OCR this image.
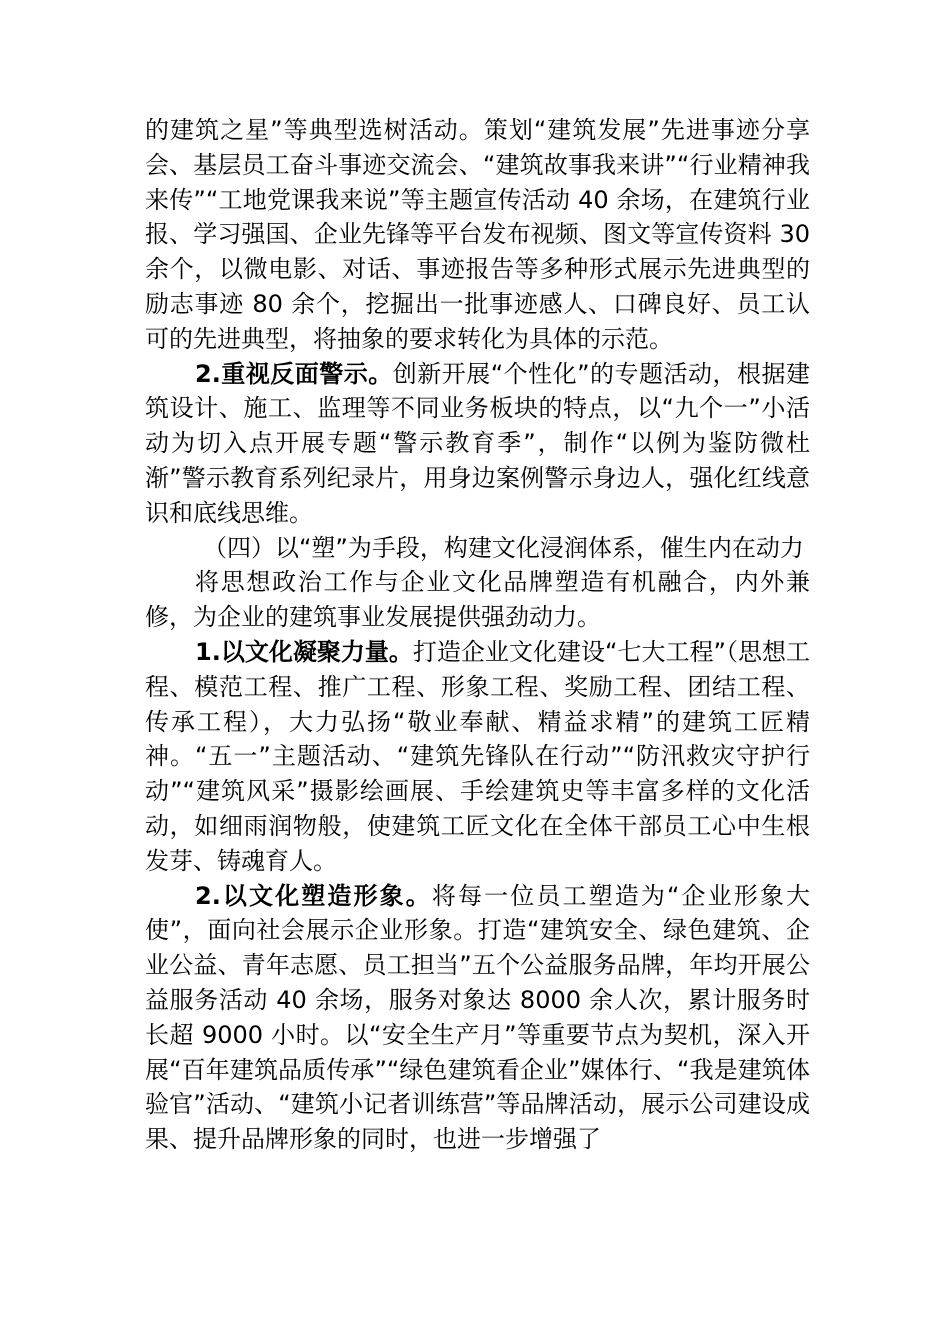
的建筑之星”等典型选树活动。策划“建筑发展”先进事迹分享会、基层员工奋斗事迹交流会、“建筑故事我来讲”“行业精神我来传”“工地党课我来说”等主题宣传活动 40 余场，在建筑行业报、学习强国、企业先锋等平台发布视频、图文等宣传资料 30 余个，以微电影、对话、事迹报告等多种形式展示先进典型的励志事迹 80 余个，挖掘出一批事迹感人、口碑良好、员工认可的先进典型，将抽象的要求转化为具体的示范。

2.重视反面警示。创新开展“个性化”的专题活动，根据建筑设计、施工、监理等不同业务板块的特点，以“九个一”小活动为切入点开展专题“警示教育季”，制作“以例为鉴防微杜渐”警示教育系列纪录片，用身边案例警示身边人，强化红线意识和底线思维。

（四）以“塑”为手段，构建文化浸润体系，催生内在动力

将思想政治工作与企业文化品牌塑造有机融合，内外兼修，为企业的建筑事业发展提供强劲动力。

1.以文化凝聚力量。打造企业文化建设“七大工程”（思想工程、模范工程、推广工程、形象工程、奖励工程、团结工程、传承工程），大力弘扬“敬业奉献、精益求精”的建筑工匠精神。“五一”主题活动、“建筑先锋队在行动”“防汛救灾守护行动”“建筑风采”摄影绘画展、手绘建筑史等丰富多样的文化活动，如细雨润物般，使建筑工匠文化在全体干部员工心中生根发芽、铸魂育人。

2.以文化塑造形象。将每一位员工塑造为“企业形象大使”，面向社会展示企业形象。打造“建筑安全、绿色建筑、企业公益、青年志愿、员工担当”五个公益服务品牌，年均开展公益服务活动 40 余场，服务对象达 8000 余人次，累计服务时长超 9000 小时。以“安全生产月”等重要节点为契机，深入开展“百年建筑品质传承”“绿色建筑看企业”媒体行、“我是建筑体验官”活动、“建筑小记者训练营”等品牌活动，展示公司建设成果、提升品牌形象的同时，也进一步增强了
